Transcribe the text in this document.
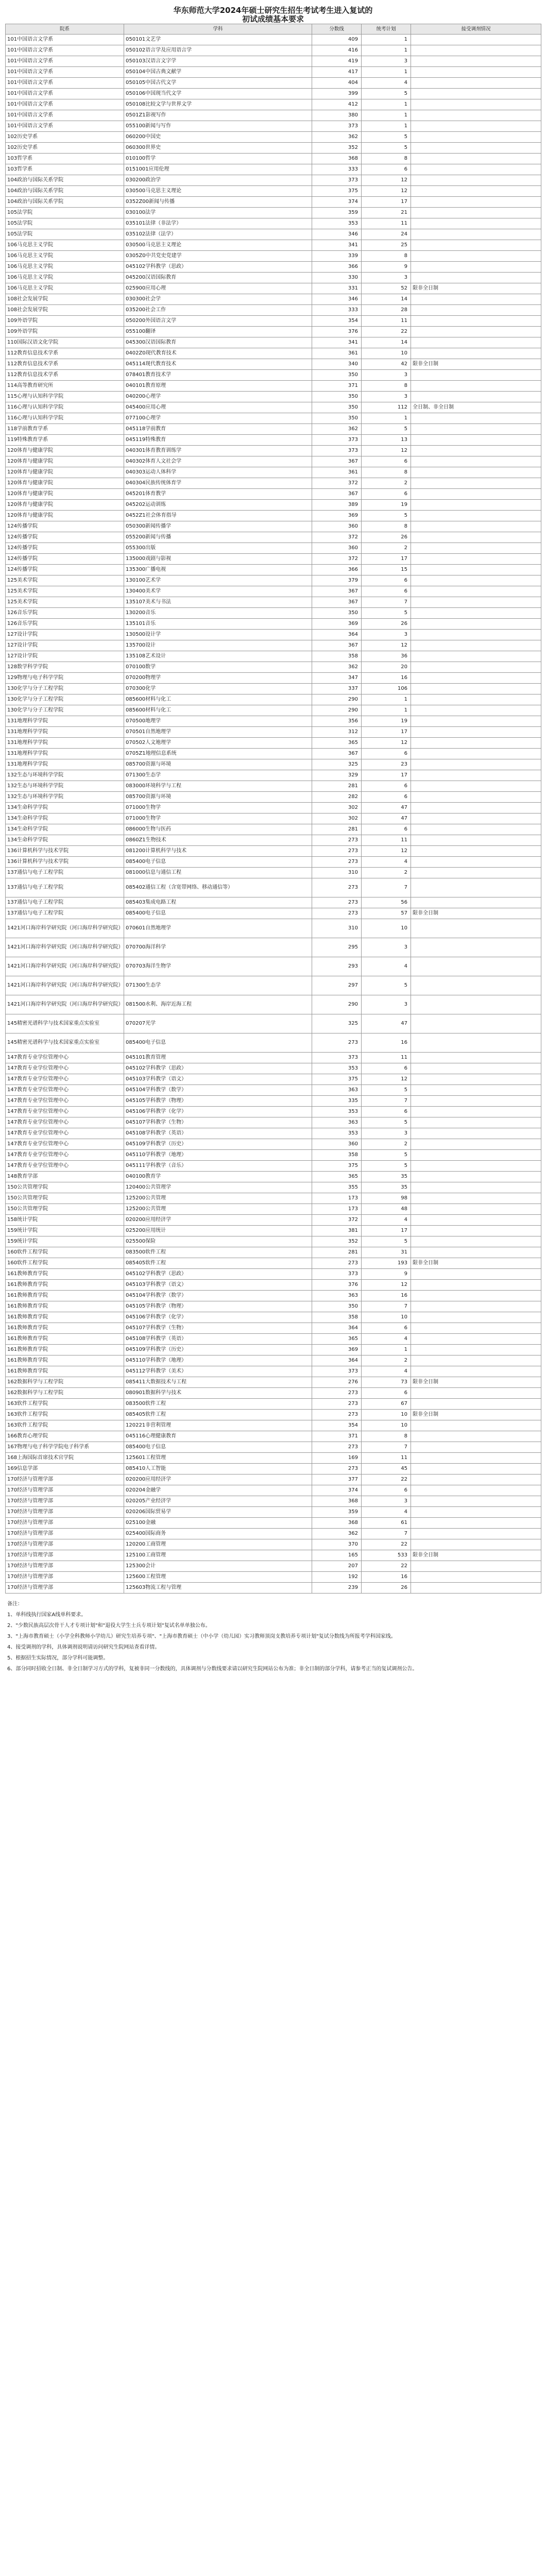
华东师范大学2024年硕士研究生招生考试考生进入复试的
初试成绩基本要求
院系	学科	分数线	统考计划	接受调剂情况
101中国语言文学系	050101文艺学	409	1	
101中国语言文学系	050102语言学及应用语言学	416	1	
101中国语言文学系	050103汉语言文字学	419	3	
101中国语言文学系	050104中国古典文献学	417	1	
101中国语言文学系	050105中国古代文学	404	4	
101中国语言文学系	050106中国现当代文学	399	5	
101中国语言文学系	050108比较文学与世界文学	412	1	
101中国语言文学系	0501Z1影视写作	380	1	
101中国语言文学系	055100新闻与写作	373	1	
102历史学系	060200中国史	362	5	
102历史学系	060300世界史	352	5	
103哲学系	010100哲学	368	8	
103哲学系	0151001应用伦理	333	6	
104政治与国际关系学院	030200政治学	373	12	
104政治与国际关系学院	030500马克思主义理论	375	12	
104政治与国际关系学院	0352Z00新闻与传播	374	17	
105法学院	030100法学	359	21	
105法学院	035101法律（非法学）	353	11	
105法学院	035102法律（法学）	346	24	
106马克思主义学院	030500马克思主义理论	341	25	
106马克思主义学院	0305Z0中共党史党建学	339	8	
106马克思主义学院	045102学科教学（思政）	366	9	
106马克思主义学院	045200汉语国际教育	330	3	
106马克思主义学院	025900应用心理	331	52	限非全日制
108社会发展学院	030300社会学	346	14	
108社会发展学院	035200社会工作	333	28	
109外语学院	050200外国语言文学	354	11	
109外语学院	055100翻译	376	22	
110国际汉语文化学院	045300汉语国际教育	341	14	
112教育信息技术学系	0402Z0现代教育技术	361	10	
112教育信息技术学系	045114现代教育技术	340	42	限非全日制
112教育信息技术学系	078401教育技术学	350	3	
114高等教育研究所	040101教育原理	371	8	
115心理与认知科学学院	040200心理学	350	3	
116心理与认知科学学院	045400应用心理	350	112	全日制、非全日制
116心理与认知科学学院	077100心理学	350	1	
118学前教育学系	045118学前教育	362	5	
119特殊教育学系	045119特殊教育	373	13	
120体育与健康学院	040301体育教育训练学	373	12	
120体育与健康学院	040302体育人文社会学	367	6	
120体育与健康学院	040303运动人体科学	361	8	
120体育与健康学院	040304民族传统体育学	372	2	
120体育与健康学院	045201体育教学	367	6	
120体育与健康学院	045202运动训练	389	19	
120体育与健康学院	0452Z1社会体育指导	369	5	
124传播学院	050300新闻传播学	360	8	
124传播学院	055200新闻与传播	372	26	
124传播学院	055300出版	360	2	
124传播学院	135000戏剧与影视	372	17	
124传播学院	135300广播电视	366	15	
125美术学院	130100艺术学	379	6	
125美术学院	130400美术学	367	6	
125美术学院	135107美术与书法	367	7	
126音乐学院	130200音乐	350	5	
126音乐学院	135101音乐	369	26	
127设计学院	130500设计学	364	3	
127设计学院	135700设计	367	12	
127设计学院	135108艺术设计	358	36	
128数学科学学院	070100数学	362	20	
129物理与电子科学学院	070200物理学	347	16	
130化学与分子工程学院	070300化学	337	106	
130化学与分子工程学院	085600材料与化工	290	1	
130化学与分子工程学院	085600材料与化工	290	1	
131地理科学学院	070500地理学	356	19	
131地理科学学院	070501自然地理学	312	17	
131地理科学学院	070502人文地理学	365	12	
131地理科学学院	0705Z1地理信息系统	367	6	
131地理科学学院	085700资源与环境	325	23	
132生态与环境科学学院	071300生态学	329	17	
132生态与环境科学学院	083000环境科学与工程	281	6	
132生态与环境科学学院	085700资源与环境	282	6	
134生命科学学院	071000生物学	302	47	
134生命科学学院	071000生物学	302	47	
134生命科学学院	086000生物与医药	281	6	
134生命科学学院	0860Z1生物技术	273	11	
136计算机科学与技术学院	081200计算机科学与技术	273	12	
136计算机科学与技术学院	085400电子信息	273	4	
137通信与电子工程学院	081000信息与通信工程	310	2	
137通信与电子工程学院	085402通信工程（含宽带网络、移动通信等）	273	7	
137通信与电子工程学院	085403集成电路工程	273	56	
137通信与电子工程学院	085400电子信息	273	57	限非全日制
1421河口海岸科学研究院（河口海岸科学研究院）	070601自然地理学	310	10	
1421河口海岸科学研究院（河口海岸科学研究院）	070700海洋科学	295	3	
1421河口海岸科学研究院（河口海岸科学研究院）	070703海洋生物学	293	4	
1421河口海岸科学研究院（河口海岸科学研究院）	071300生态学	297	5	
1421河口海岸科学研究院（河口海岸科学研究院）	081500水利、海岸近海工程	290	3	
145精密光谱科学与技术国家重点实验室	070207光学	325	47	
145精密光谱科学与技术国家重点实验室	085400电子信息	273	16	
147教育专业学位管理中心	045101教育管理	373	11	
147教育专业学位管理中心	045102学科教学（思政）	353	6	
147教育专业学位管理中心	045103学科教学（语文）	375	12	
147教育专业学位管理中心	045104学科教学（数学）	363	5	
147教育专业学位管理中心	045105学科教学（物理）	335	7	
147教育专业学位管理中心	045106学科教学（化学）	353	6	
147教育专业学位管理中心	045107学科教学（生物）	363	5	
147教育专业学位管理中心	045108学科教学（英语）	353	3	
147教育专业学位管理中心	045109学科教学（历史）	360	2	
147教育专业学位管理中心	045110学科教学（地理）	358	5	
147教育专业学位管理中心	045111学科教学（音乐）	375	5	
148教育学部	040100教育学	365	35	
150公共管理学院	120400公共管理学	355	35	
150公共管理学院	125200公共管理	173	98	
150公共管理学院	125200公共管理	173	48	
158统计学院	020200应用经济学	372	4	
159统计学院	025200应用统计	381	17	
159统计学院	025500保险	352	5	
160软件工程学院	083500软件工程	281	31	
160软件工程学院	085405软件工程	273	193	限非全日制
161教师教育学院	045102学科教学（思政）	373	9	
161教师教育学院	045103学科教学（语文）	376	12	
161教师教育学院	045104学科教学（数学）	363	16	
161教师教育学院	045105学科教学（物理）	350	7	
161教师教育学院	045106学科教学（化学）	358	10	
161教师教育学院	045107学科教学（生物）	364	6	
161教师教育学院	045108学科教学（英语）	365	4	
161教师教育学院	045109学科教学（历史）	369	1	
161教师教育学院	045110学科教学（地理）	364	2	
161教师教育学院	045112学科教学（美术）	373	4	
162数据科学与工程学院	085411大数据技术与工程	276	73	限非全日制
162数据科学与工程学院	080901数据科学与技术	273	6	
163软件工程学院	083500软件工程	273	67	
163软件工程学院	085405软件工程	273	10	限非全日制
163软件工程学院	120221非营利管理	354	10	
166教育心理学院	045116心理健康教育	371	8	
167物理与电子科学学院电子科学系	085400电子信息	273	7	
168上海国际首席技术官学院	125601工程管理	169	11	
169信息学部	085410人工智能	273	45	
170经济与管理学部	020200应用经济学	377	22	
170经济与管理学部	020204金融学	374	6	
170经济与管理学部	020205产业经济学	368	3	
170经济与管理学部	020206国际贸易学	359	4	
170经济与管理学部	025100金融	368	61	
170经济与管理学部	025400国际商务	362	7	
170经济与管理学部	120200工商管理	370	22	
170经济与管理学部	125100工商管理	165	533	限非全日制
170经济与管理学部	125300会计	207	22	
170经济与管理学部	125600工程管理	192	16	
170经济与管理学部	125603物流工程与管理	239	26	
备注：
1、单科线执行国家A线单科要求。
2、"少数民族高层次骨干人才专项计划"和"退役大学生士兵专项计划"复试名单单独公布。
3、"上海市教育硕士（小学全科教师小学幼儿）研究生培养专项"、"上海市教育硕士（中小学（幼儿园）实习教师顶岗支教培养专项计划"复试分数线为所报考学科国家线。
4、接受调剂的学科，具体调剂说明请访问研究生院网站查看详情。
5、根据招生实际情况，部分学科可能调整。
6、部分同时招收全日制、非全日制学习方式的学科，复被非同一分数线的，具体调剂与分数线要求请以研究生院网站公布为准；非全日制的部分学科，请参考正当的复试调剂公告。
